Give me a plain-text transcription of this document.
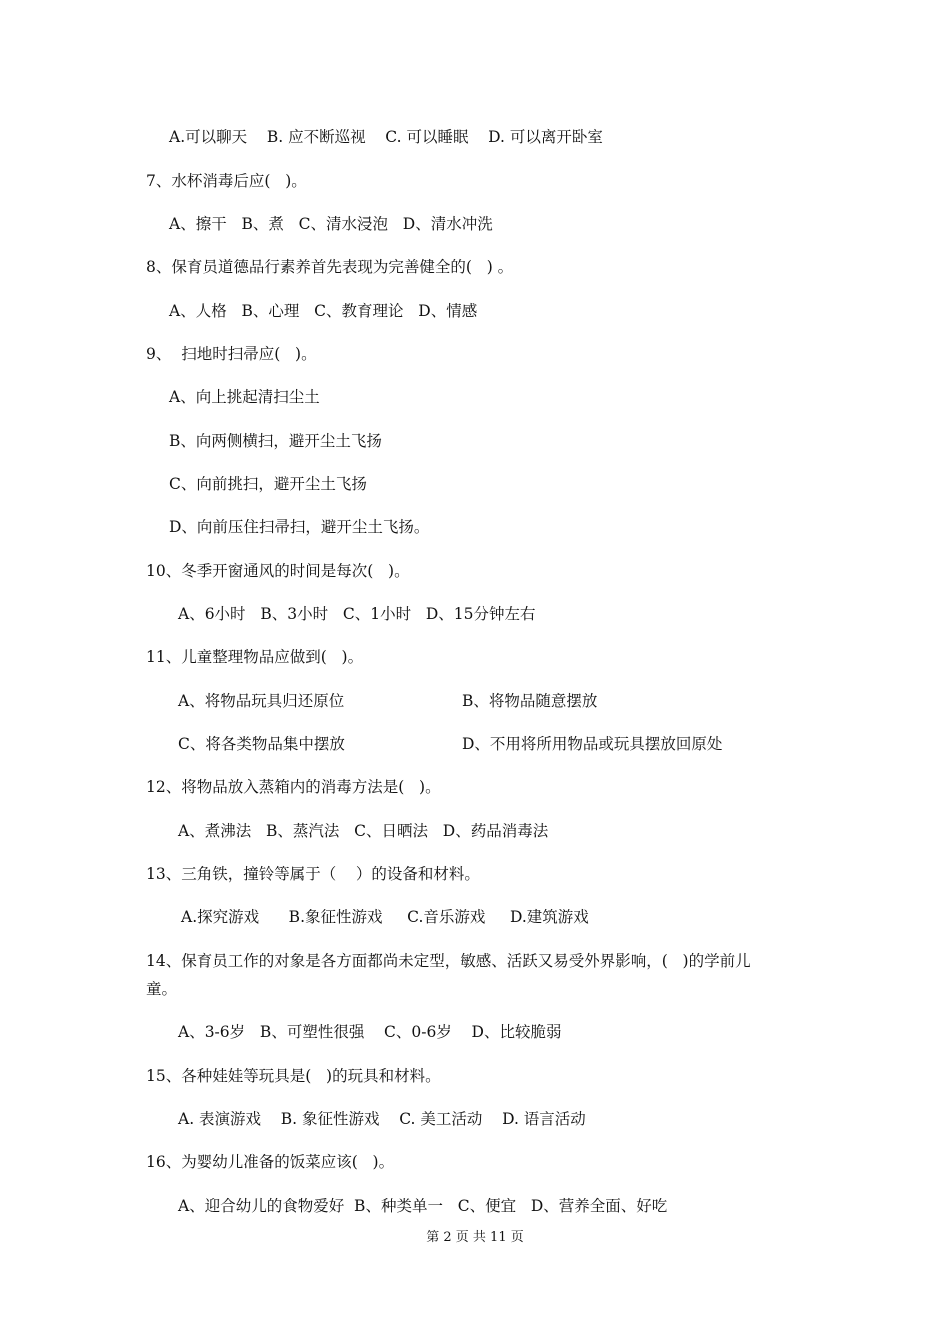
A.可以聊天    B. 应不断巡视    C. 可以睡眠    D. 可以离开卧室
7、水杯消毒后应(   )。
A、擦干   B、煮   C、清水浸泡   D、清水冲洗
8、保育员道德品行素养首先表现为完善健全的(   ) 。
A、人格   B、心理   C、教育理论   D、情感
9、  扫地时扫帚应(   )。
A、向上挑起清扫尘土
B、向两侧横扫，避开尘土飞扬
C、向前挑扫，避开尘土飞扬
D、向前压住扫帚扫，避开尘土飞扬。
10、冬季开窗通风的时间是每次(   )。
A、6小时   B、3小时   C、1小时   D、15分钟左右
11、儿童整理物品应做到(   )。
A、将物品玩具归还原位	B、将物品随意摆放
C、将各类物品集中摆放	D、不用将所用物品或玩具摆放回原处
12、将物品放入蒸箱内的消毒方法是(   )。
A、煮沸法   B、蒸汽法   C、日晒法   D、药品消毒法
13、三角铁，撞铃等属于（    ）的设备和材料。
A.探究游戏      B.象征性游戏     C.音乐游戏     D.建筑游戏
14、保育员工作的对象是各方面都尚未定型，敏感、活跃又易受外界影响，(   )的学前儿
童。
A、3-6岁   B、可塑性很强    C、0-6岁    D、比较脆弱
15、各种娃娃等玩具是(   )的玩具和材料。
A. 表演游戏    B. 象征性游戏    C. 美工活动    D. 语言活动
16、为婴幼儿准备的饭菜应该(   )。
A、迎合幼儿的食物爱好  B、种类单一   C、便宜   D、营养全面、好吃
第 2 页 共 11 页
